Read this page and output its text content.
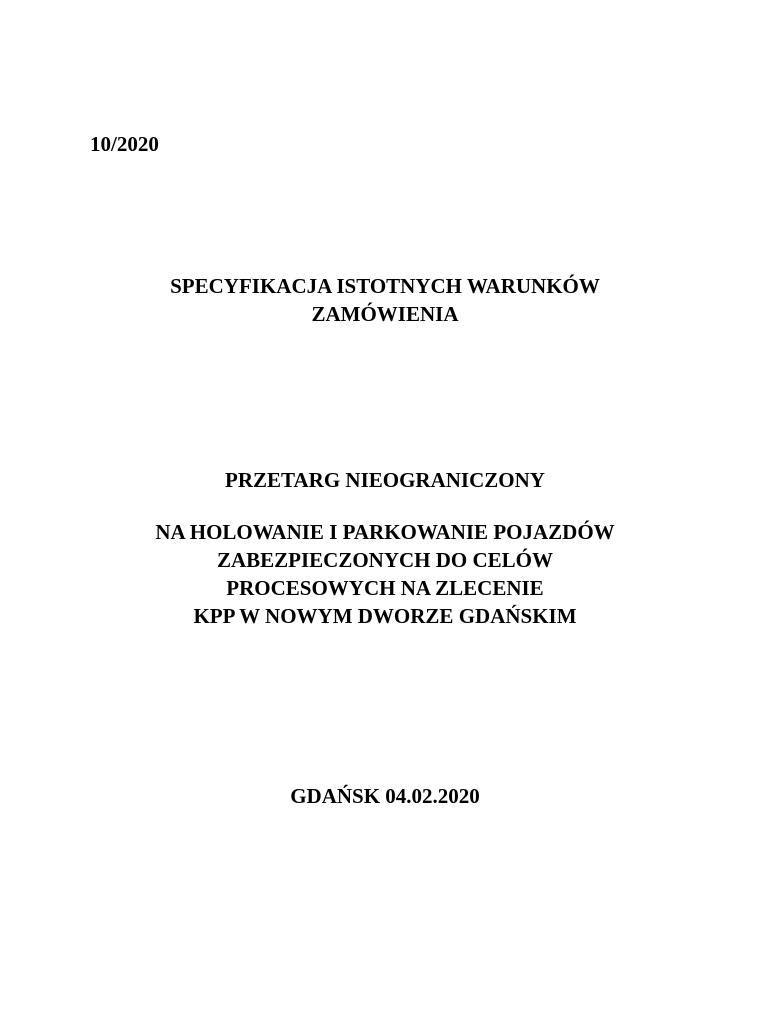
10/2020
SPECYFIKACJA ISTOTNYCH WARUNKÓW
ZAMÓWIENIA
PRZETARG NIEOGRANICZONY
NA HOLOWANIE I PARKOWANIE POJAZDÓW
ZABEZPIECZONYCH DO CELÓW
PROCESOWYCH NA ZLECENIE
KPP W NOWYM DWORZE GDAŃSKIM
GDAŃSK 04.02.2020
